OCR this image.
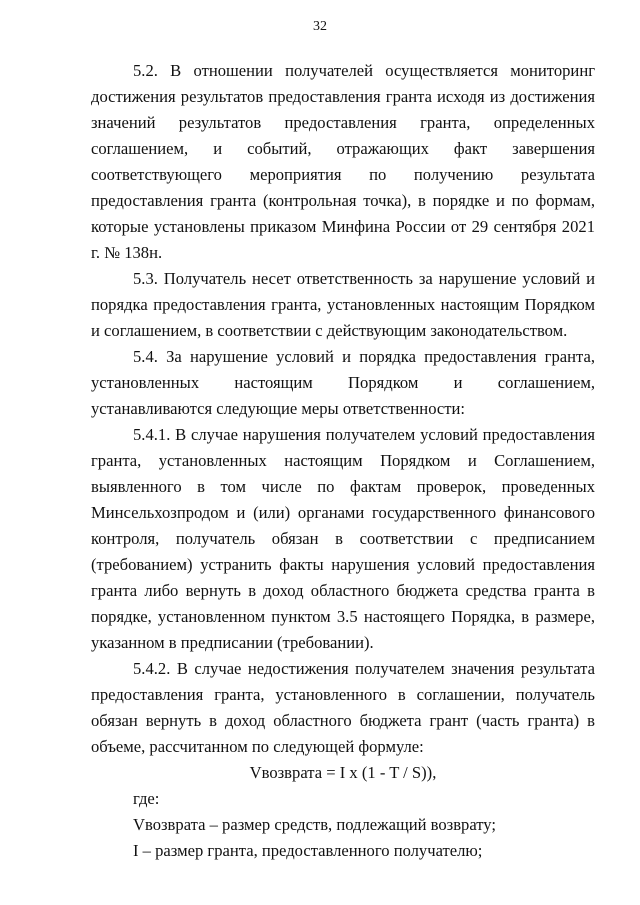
32

5.2. В отношении получателей осуществляется мониторинг достижения результатов предоставления гранта исходя из достижения значений результатов предоставления гранта, определенных соглашением, и событий, отражающих факт завершения соответствующего мероприятия по получению результата предоставления гранта (контрольная точка), в порядке и по формам, которые установлены приказом Минфина России от 29 сентября 2021 г. № 138н.

5.3. Получатель несет ответственность за нарушение условий и порядка предоставления гранта, установленных настоящим Порядком и соглашением, в соответствии с действующим законодательством.

5.4. За нарушение условий и порядка предоставления гранта, установленных настоящим Порядком и соглашением, устанавливаются следующие меры ответственности:

5.4.1. В случае нарушения получателем условий предоставления гранта, установленных настоящим Порядком и Соглашением, выявленного в том числе по фактам проверок, проведенных Минсельхозпродом и (или) органами государственного финансового контроля, получатель обязан в соответствии с предписанием (требованием) устранить факты нарушения условий предоставления гранта либо вернуть в доход областного бюджета средства гранта в порядке, установленном пунктом 3.5 настоящего Порядка, в размере, указанном в предписании (требовании).

5.4.2. В случае недостижения получателем значения результата предоставления гранта, установленного в соглашении, получатель обязан вернуть в доход областного бюджета грант (часть гранта) в объеме, рассчитанном по следующей формуле:

Vвозврата = I x (1 - T / S)),

где:

Vвозврата – размер средств, подлежащий возврату;

I – размер гранта, предоставленного получателю;
